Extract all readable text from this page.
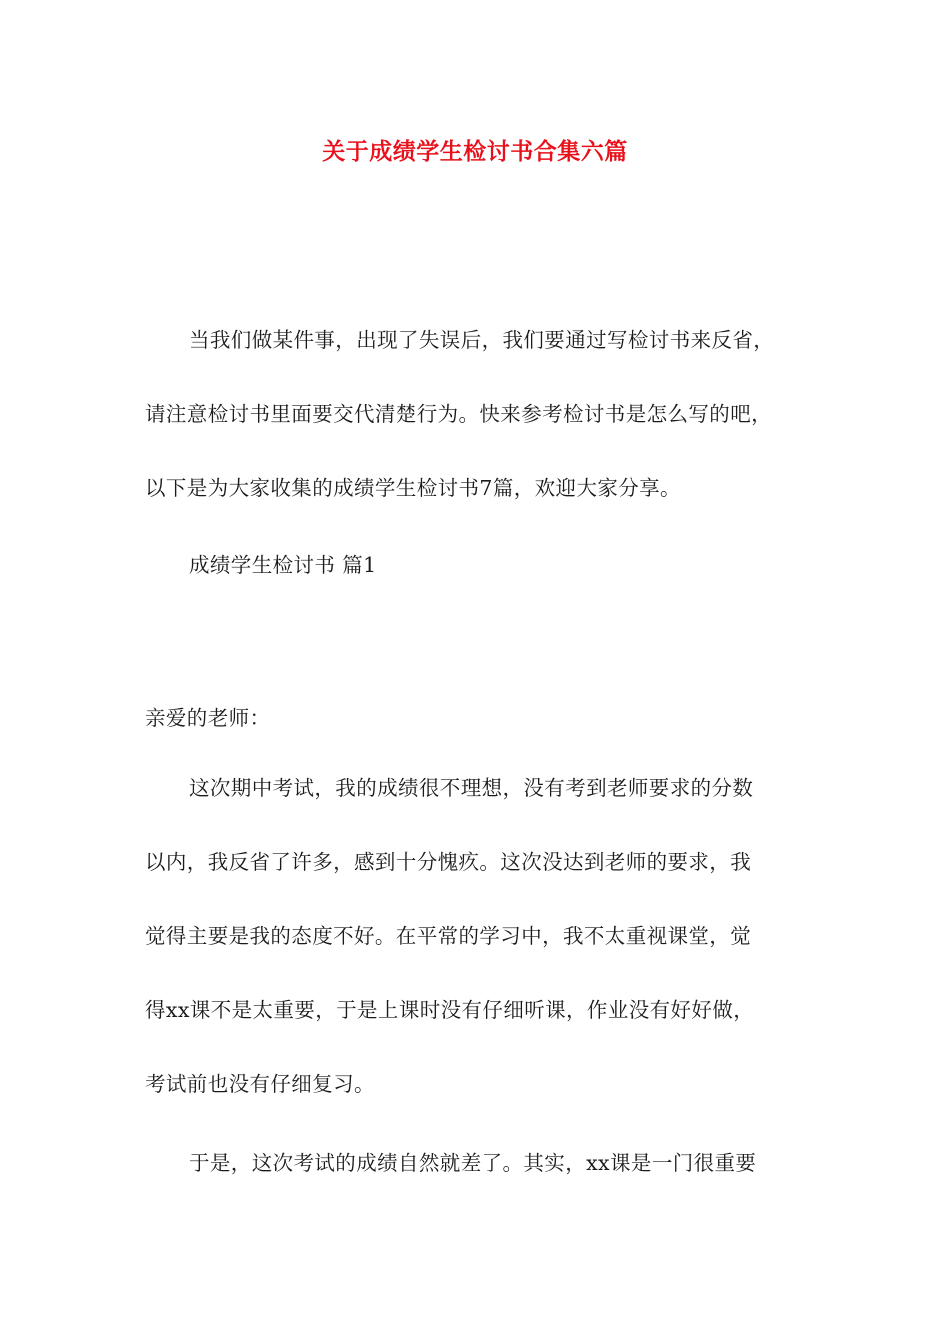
关于成绩学生检讨书合集六篇
当我们做某件事，出现了失误后，我们要通过写检讨书来反省，
请注意检讨书里面要交代清楚行为。快来参考检讨书是怎么写的吧，
以下是为大家收集的成绩学生检讨书7篇，欢迎大家分享。
成绩学生检讨书 篇1
亲爱的老师：
这次期中考试，我的成绩很不理想，没有考到老师要求的分数
以内，我反省了许多，感到十分愧疚。这次没达到老师的要求，我
觉得主要是我的态度不好。在平常的学习中，我不太重视课堂，觉
得xx课不是太重要，于是上课时没有仔细听课，作业没有好好做，
考试前也没有仔细复习。
于是，这次考试的成绩自然就差了。其实，xx课是一门很重要
